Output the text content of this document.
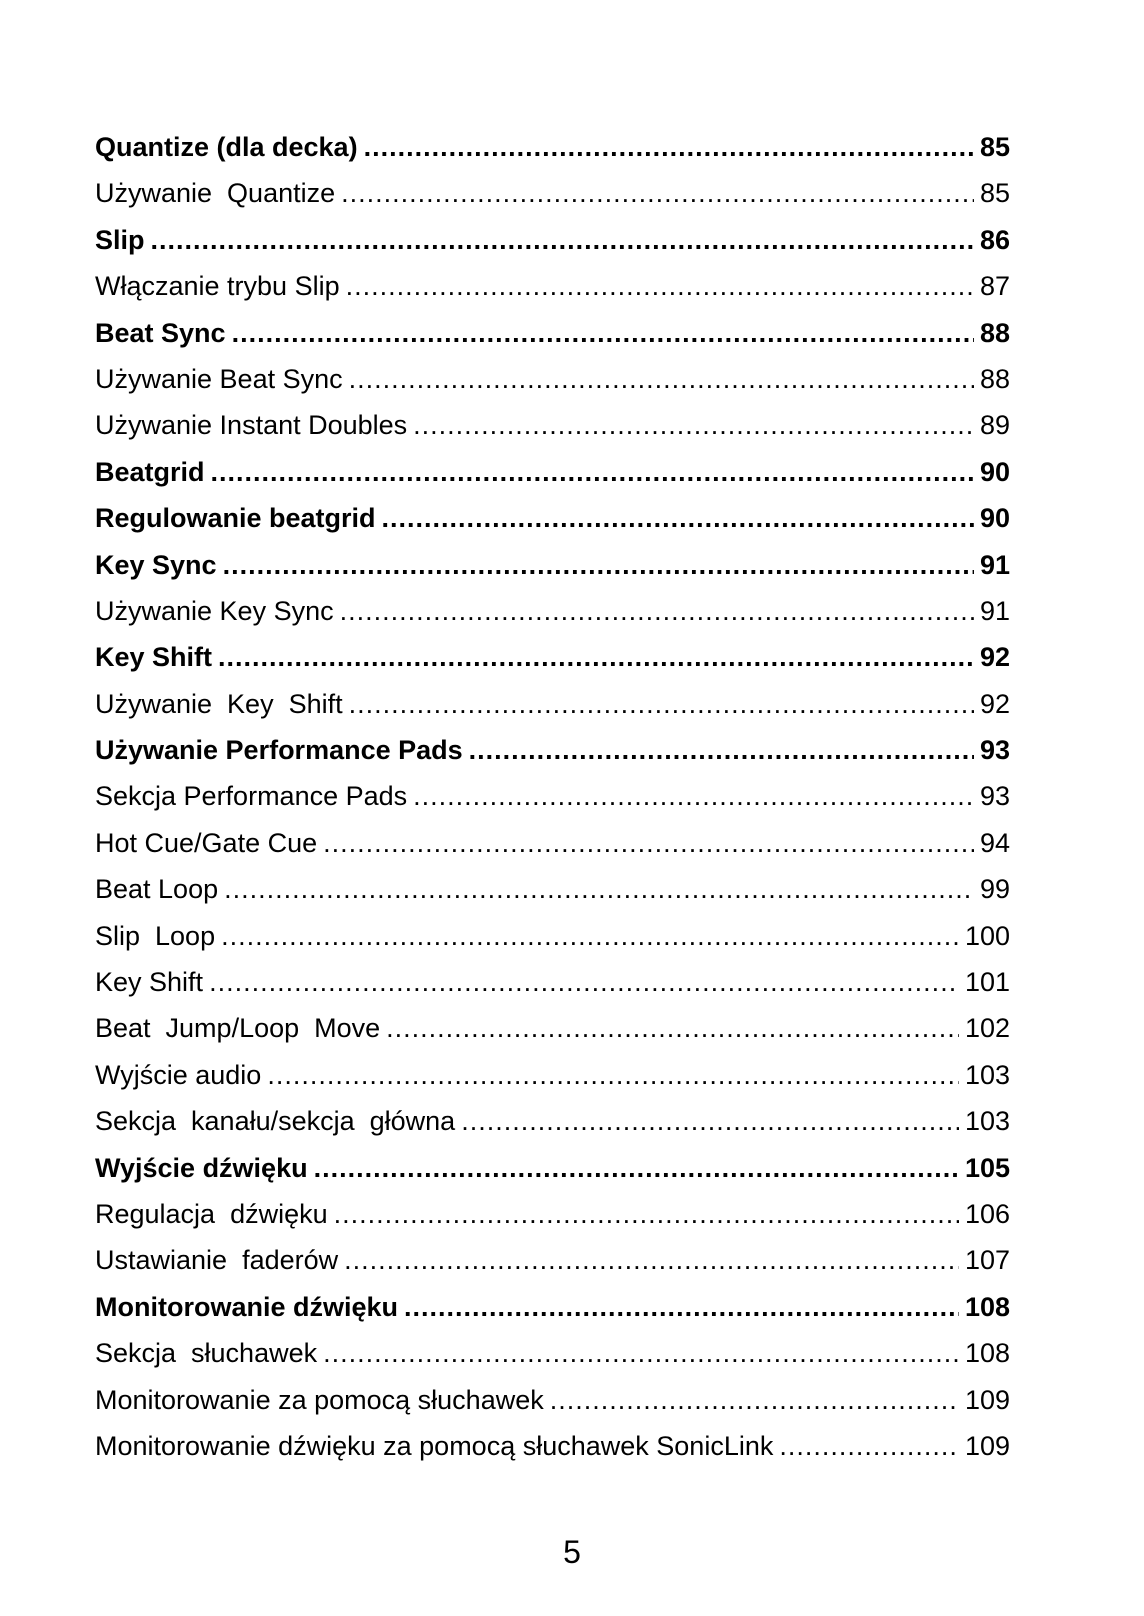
Quantize (dla decka) .....	85
Używanie  Quantize .....	85
Slip .....	86
Włączanie trybu Slip .....	87
Beat Sync .....	88
Używanie Beat Sync .....	88
Używanie Instant Doubles .....	89
Beatgrid .....	90
Regulowanie beatgrid .....	90
Key Sync .....	91
Używanie Key Sync .....	91
Key Shift .....	92
Używanie  Key  Shift .....	92
Używanie Performance Pads .....	93
Sekcja Performance Pads .....	93
Hot Cue/Gate Cue .....	94
Beat Loop .....	99
Slip  Loop .....	100
Key Shift .....	101
Beat  Jump/Loop  Move .....	102
Wyjście audio .....	103
Sekcja  kanału/sekcja  główna .....	103
Wyjście dźwięku .....	105
Regulacja  dźwięku .....	106
Ustawianie  faderów .....	107
Monitorowanie dźwięku .....	108
Sekcja  słuchawek .....	108
Monitorowanie za pomocą słuchawek .....	109
Monitorowanie dźwięku za pomocą słuchawek SonicLink .....	109
5
